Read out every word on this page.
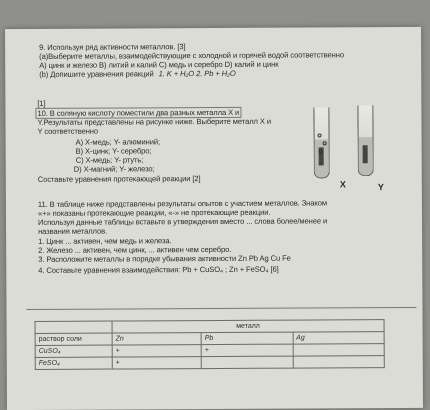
9. Используя ряд активности металлов. [3]
(а)Выберите металлы, взаимодействующие с холодной и горячей водой соответственно
А) цинк и железо В) литий и калий С) медь и серебро D) калий и цинк
(b) Допишите уравнения реакций 1. K + H₂O 2. Pb + H₂O
[1]
10. В соляную кислоту поместили два разных металла X и
Y.Результаты представлены на рисунке ниже. Выберите металл X и
Y соответственно
А) X-медь; Y- алюминий;
В) X-цинк; Y- серебро;
С) X-медь; Y- ртуть;
D) X-магний; Y- железо;
Составьте уравнения протекающей реакции [2]
X	Y
11. В таблице ниже представлены результаты опытов с участием металлов. Знаком
«+» показаны протекающие реакции, «-» не протекающие реакции.
Используя данные таблицы вставьте в утверждения вместо ... слова более/менее и
названия металлов.
1. Цинк ... активен, чем медь и железа.
2. Железо ... активен, чем цинк, ... активен чем серебро.
3. Расположите металлы в порядке убывания активности Zn Pb Ag Cu Fe
4. Составьте уравнения взаимодействия: Pb + CuSO₄ ; Zn + FeSO₄ [6]
	металл		
раствор соли	Zn	Pb	Ag
CuSO₄	+	+	
FeSO₄	+		
